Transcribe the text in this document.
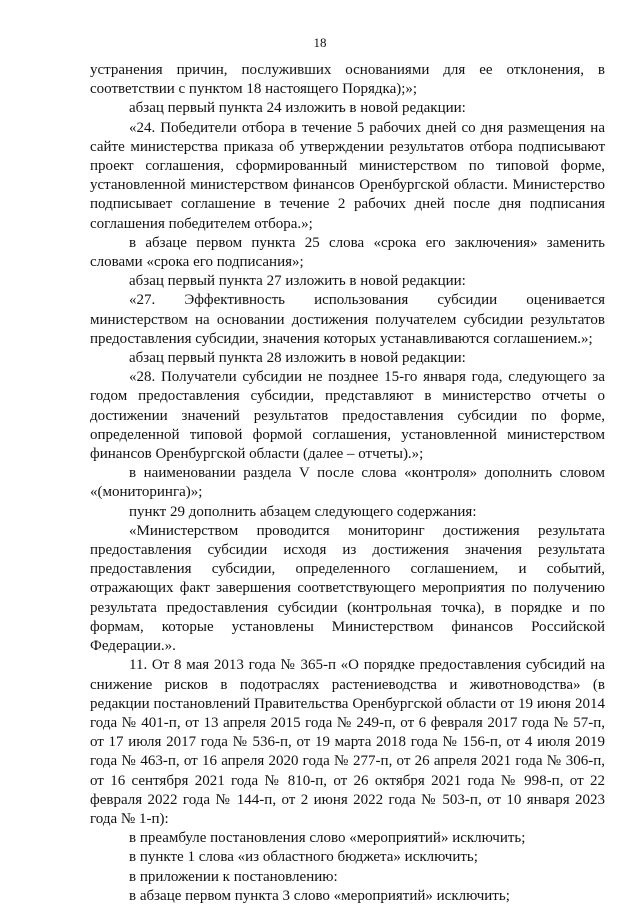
18

устранения причин, послуживших основаниями для ее отклонения, в соответствии с пунктом 18 настоящего Порядка);»;

абзац первый пункта 24 изложить в новой редакции:

«24. Победители отбора в течение 5 рабочих дней со дня размещения на сайте министерства приказа об утверждении результатов отбора подписывают проект соглашения, сформированный министерством по типовой форме, установленной министерством финансов Оренбургской области. Министерство подписывает соглашение в течение 2 рабочих дней после дня подписания соглашения победителем отбора.»;

в абзаце первом пункта 25 слова «срока его заключения» заменить словами «срока его подписания»;

абзац первый пункта 27 изложить в новой редакции:

«27. Эффективность использования субсидии оценивается министерством на основании достижения получателем субсидии результатов предоставления субсидии, значения которых устанавливаются соглашением.»;

абзац первый пункта 28 изложить в новой редакции:

«28. Получатели субсидии не позднее 15-го января года, следующего за годом предоставления субсидии, представляют в министерство отчеты о достижении значений результатов предоставления субсидии по форме, определенной типовой формой соглашения, установленной министерством финансов Оренбургской области (далее – отчеты).»;

в наименовании раздела V после слова «контроля» дополнить словом «(мониторинга)»;

пункт 29 дополнить абзацем следующего содержания:

«Министерством проводится мониторинг достижения результата предоставления субсидии исходя из достижения значения результата предоставления субсидии, определенного соглашением, и событий, отражающих факт завершения соответствующего мероприятия по получению результата предоставления субсидии (контрольная точка), в порядке и по формам, которые установлены Министерством финансов Российской Федерации.».

11. От 8 мая 2013 года № 365-п «О порядке предоставления субсидий на снижение рисков в подотраслях растениеводства и животноводства» (в редакции постановлений Правительства Оренбургской области от 19 июня 2014 года № 401-п, от 13 апреля 2015 года № 249-п, от 6 февраля 2017 года № 57-п, от 17 июля 2017 года № 536-п, от 19 марта 2018 года № 156-п, от 4 июля 2019 года № 463-п, от 16 апреля 2020 года № 277-п, от 26 апреля 2021 года № 306-п, от 16 сентября 2021 года № 810-п, от 26 октября 2021 года № 998-п, от 22 февраля 2022 года № 144-п, от 2 июня 2022 года № 503-п, от 10 января 2023 года № 1-п):

в преамбуле постановления слово «мероприятий» исключить;

в пункте 1 слова «из областного бюджета» исключить;

в приложении к постановлению:

в абзаце первом пункта 3 слово «мероприятий» исключить;
